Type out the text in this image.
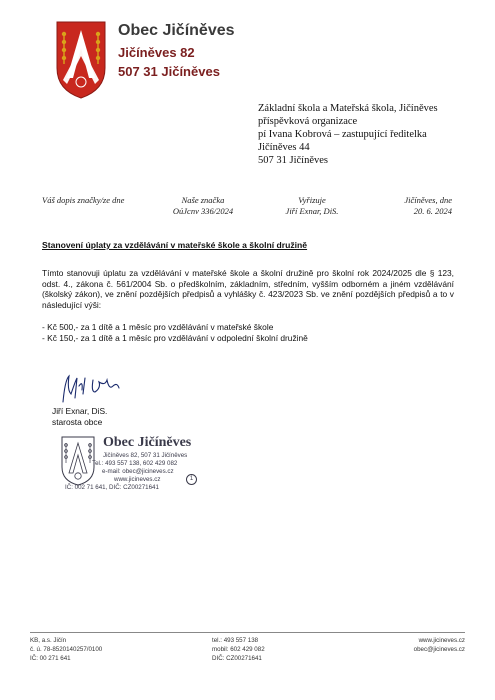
Obec Jičíněves
Jičíněves 82
507 31 Jičíněves
Základní škola a Mateřská škola, Jičíněves
příspěvková organizace
pí Ivana Kobrová – zastupující ředitelka
Jičíněves 44
507 31 Jičíněves
Váš dopis značky/ze dne	Naše značka
OúJcnv 336/2024
Vyřizuje
Jiří Exnar, DiS.
Jičíněves, dne
20. 6. 2024
Stanovení úplaty za vzdělávání v mateřské škole a školní družině
Tímto stanovuji úplatu za vzdělávání v mateřské škole a školní družině pro školní rok 2024/2025 dle § 123, odst. 4., zákona č. 561/2004 Sb. o předškolním, základním, středním, vyšším odborném a jiném vzdělávání (školský zákon), ve znění pozdějších předpisů a vyhlášky č. 423/2023 Sb. ve znění pozdějších předpisů a to v následující výši:
- Kč 500,- za 1 dítě a 1 měsíc pro vzdělávání v mateřské škole
- Kč 150,- za 1 dítě a 1 měsíc pro vzdělávání v odpolední školní družině
Jiří Exnar, DiS.
starosta obce
Obec Jičíněves
Jičíněves 82, 507 31 Jičíněves
Tel.: 493 557 138, 602 429 082
e-mail: obec@jicineves.cz
www.jicineves.cz
IČ: 002 71 641, DIČ: CZ00271641
1
KB, a.s. Jičín
č. ú. 78-8520140257/0100
IČ: 00 271 641
tel.: 493 557 138
mobil: 602 429 082
DIČ: CZ00271641
www.jicineves.cz
obec@jicineves.cz
